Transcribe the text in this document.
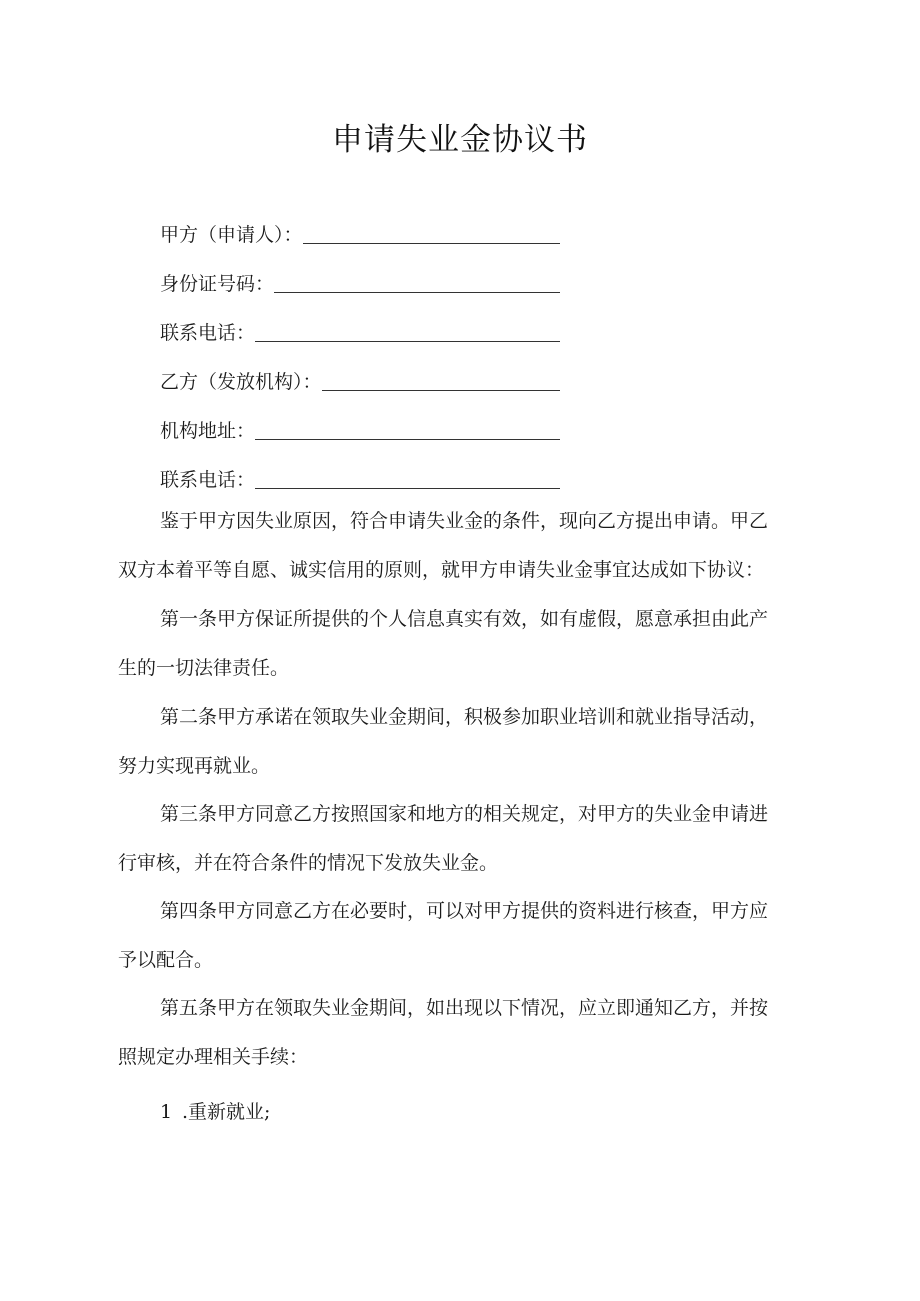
申请失业金协议书
甲方（申请人）：
身份证号码：
联系电话：
乙方（发放机构）：
机构地址：
联系电话：
鉴于甲方因失业原因，符合申请失业金的条件，现向乙方提出申请。甲乙
双方本着平等自愿、诚实信用的原则，就甲方申请失业金事宜达成如下协议：
第一条甲方保证所提供的个人信息真实有效，如有虚假，愿意承担由此产
生的一切法律责任。
第二条甲方承诺在领取失业金期间，积极参加职业培训和就业指导活动，
努力实现再就业。
第三条甲方同意乙方按照国家和地方的相关规定，对甲方的失业金申请进
行审核，并在符合条件的情况下发放失业金。
第四条甲方同意乙方在必要时，可以对甲方提供的资料进行核查，甲方应
予以配合。
第五条甲方在领取失业金期间，如出现以下情况，应立即通知乙方，并按
照规定办理相关手续：
1 .重新就业;
